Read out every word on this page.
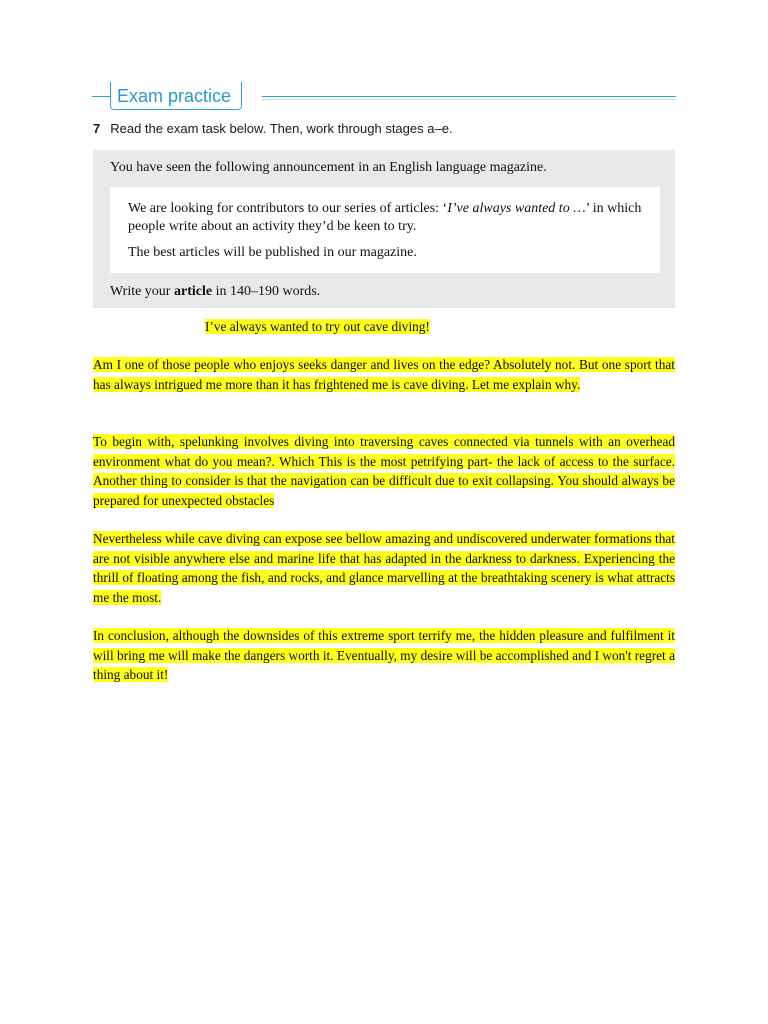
Exam practice
7 Read the exam task below. Then, work through stages a–e.
You have seen the following announcement in an English language magazine.
We are looking for contributors to our series of articles: ‘I’ve always wanted to …’ in which people write about an activity they’d be keen to try.
The best articles will be published in our magazine.
Write your article in 140–190 words.
I’ve always wanted to try out cave diving!
Am I one of those people who enjoys seeks danger and lives on the edge? Absolutely not. But one sport that has always intrigued me more than it has frightened me is cave diving. Let me explain why.
To begin with, spelunking involves diving into traversing caves connected via tunnels with an overhead environment what do you mean?. Which This is the most petrifying part- the lack of access to the surface. Another thing to consider is that the navigation can be difficult due to exit collapsing. You should always be prepared for unexpected obstacles
Nevertheless while cave diving can expose see bellow amazing and undiscovered underwater formations that are not visible anywhere else and marine life that has adapted in the darkness to darkness. Experiencing the thrill of floating among the fish, and rocks, and glance marvelling at the breathtaking scenery is what attracts me the most.
In conclusion, although the downsides of this extreme sport terrify me, the hidden pleasure and fulfilment it will bring me will make the dangers worth it. Eventually, my desire will be accomplished and I won't regret a thing about it!
